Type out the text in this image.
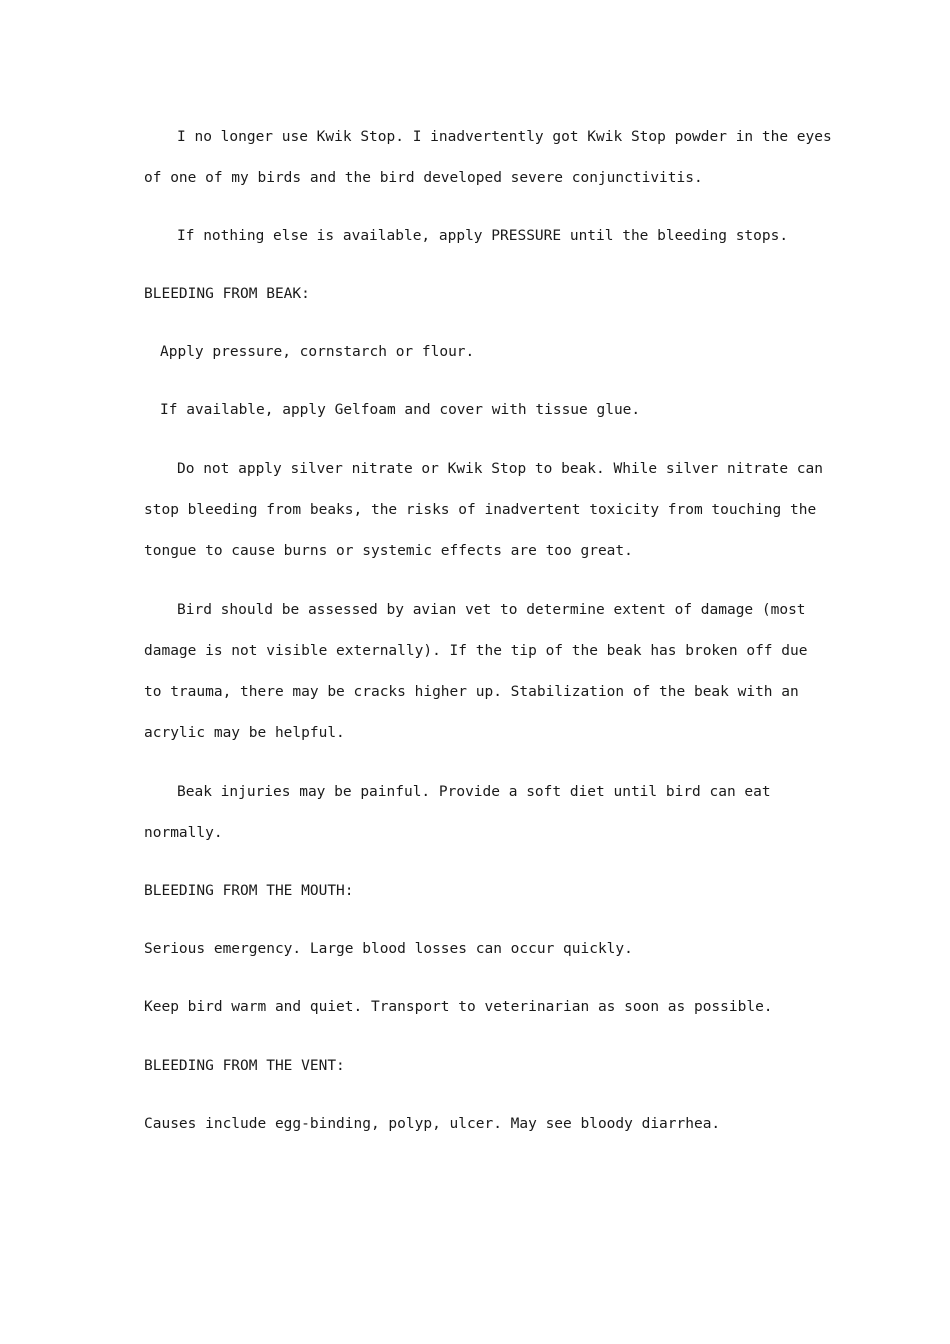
I no longer use Kwik Stop. I inadvertently got Kwik Stop powder in the eyes

of one of my birds and the bird developed severe conjunctivitis.

If nothing else is available, apply PRESSURE until the bleeding stops.

BLEEDING FROM BEAK:

Apply pressure, cornstarch or flour.

If available, apply Gelfoam and cover with tissue glue.

Do not apply silver nitrate or Kwik Stop to beak. While silver nitrate can

stop bleeding from beaks, the risks of inadvertent toxicity from touching the

tongue to cause burns or systemic effects are too great.

Bird should be assessed by avian vet to determine extent of damage (most

damage is not visible externally). If the tip of the beak has broken off due

to trauma, there may be cracks higher up. Stabilization of the beak with an

acrylic may be helpful.

Beak injuries may be painful. Provide a soft diet until bird can eat

normally.

BLEEDING FROM THE MOUTH:

Serious emergency. Large blood losses can occur quickly.

Keep bird warm and quiet. Transport to veterinarian as soon as possible.

BLEEDING FROM THE VENT:

Causes include egg-binding, polyp, ulcer. May see bloody diarrhea.
